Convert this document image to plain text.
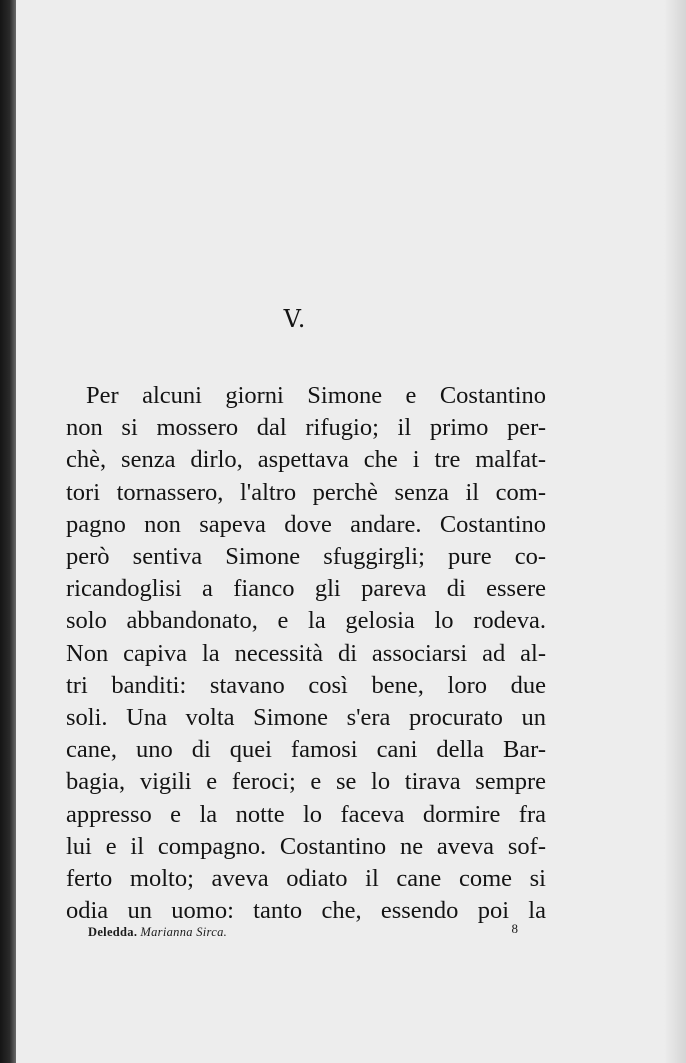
V.
Per alcuni giorni Simone e Costantino
non si mossero dal rifugio; il primo per-
chè, senza dirlo, aspettava che i tre malfat-
tori tornassero, l'altro perchè senza il com-
pagno non sapeva dove andare. Costantino
però sentiva Simone sfuggirgli; pure co-
ricandoglisi a fianco gli pareva di essere
solo abbandonato, e la gelosia lo rodeva.
Non capiva la necessità di associarsi ad al-
tri banditi: stavano così bene, loro due
soli. Una volta Simone s'era procurato un
cane, uno di quei famosi cani della Bar-
bagia, vigili e feroci; e se lo tirava sempre
appresso e la notte lo faceva dormire fra
lui e il compagno. Costantino ne aveva sof-
ferto molto; aveva odiato il cane come si
odia un uomo: tanto che, essendo poi la
Deledda. Marianna Sirca.	8
